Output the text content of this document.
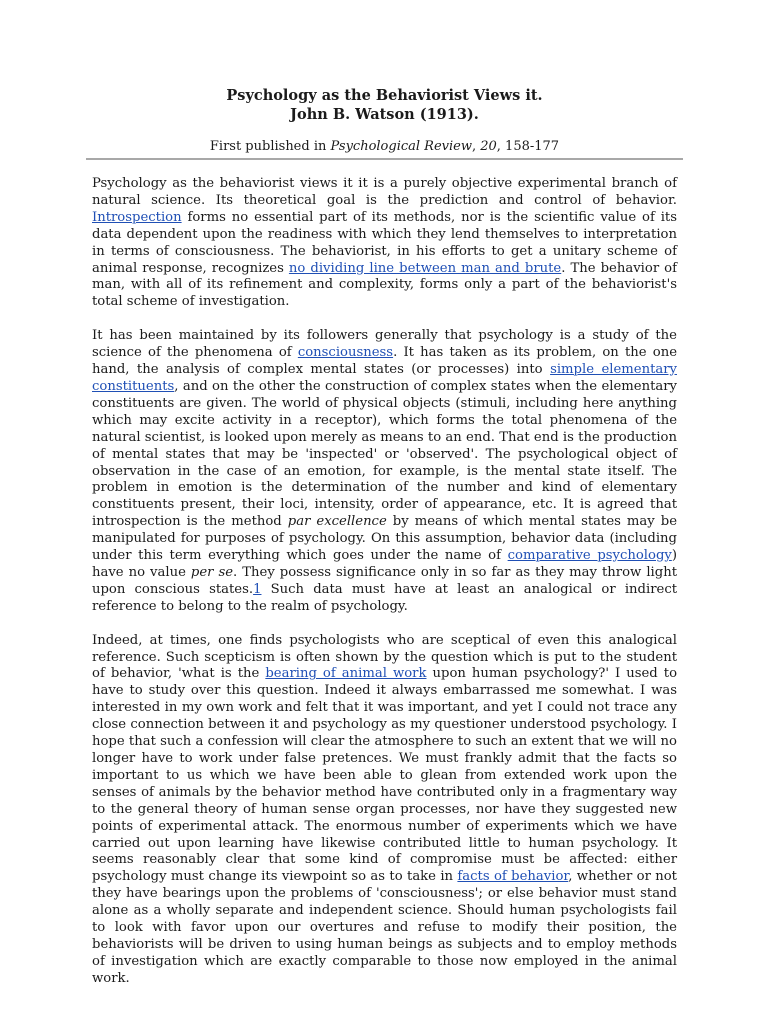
Psychology as the Behaviorist Views it.
John B. Watson (1913).

First published in Psychological Review, 20, 158-177

Psychology as the behaviorist views it it is a purely objective experimental branch of natural science. Its theoretical goal is the prediction and control of behavior. Introspection forms no essential part of its methods, nor is the scientific value of its data dependent upon the readiness with which they lend themselves to interpretation in terms of consciousness. The behaviorist, in his efforts to get a unitary scheme of animal response, recognizes no dividing line between man and brute. The behavior of man, with all of its refinement and complexity, forms only a part of the behaviorist's total scheme of investigation.

It has been maintained by its followers generally that psychology is a study of the science of the phenomena of consciousness. It has taken as its problem, on the one hand, the analysis of complex mental states (or processes) into simple elementary constituents, and on the other the construction of complex states when the elementary constituents are given. The world of physical objects (stimuli, including here anything which may excite activity in a receptor), which forms the total phenomena of the natural scientist, is looked upon merely as means to an end. That end is the production of mental states that may be 'inspected' or 'observed'. The psychological object of observation in the case of an emotion, for example, is the mental state itself. The problem in emotion is the determination of the number and kind of elementary constituents present, their loci, intensity, order of appearance, etc. It is agreed that introspection is the method par excellence by means of which mental states may be manipulated for purposes of psychology. On this assumption, behavior data (including under this term everything which goes under the name of comparative psychology) have no value per se. They possess significance only in so far as they may throw light upon conscious states.1 Such data must have at least an analogical or indirect reference to belong to the realm of psychology.

Indeed, at times, one finds psychologists who are sceptical of even this analogical reference. Such scepticism is often shown by the question which is put to the student of behavior, 'what is the bearing of animal work upon human psychology?' I used to have to study over this question. Indeed it always embarrassed me somewhat. I was interested in my own work and felt that it was important, and yet I could not trace any close connection between it and psychology as my questioner understood psychology. I hope that such a confession will clear the atmosphere to such an extent that we will no longer have to work under false pretences. We must frankly admit that the facts so important to us which we have been able to glean from extended work upon the senses of animals by the behavior method have contributed only in a fragmentary way to the general theory of human sense organ processes, nor have they suggested new points of experimental attack. The enormous number of experiments which we have carried out upon learning have likewise contributed little to human psychology. It seems reasonably clear that some kind of compromise must be affected: either psychology must change its viewpoint so as to take in facts of behavior, whether or not they have bearings upon the problems of 'consciousness'; or else behavior must stand alone as a wholly separate and independent science. Should human psychologists fail to look with favor upon our overtures and refuse to modify their position, the behaviorists will be driven to using human beings as subjects and to employ methods of investigation which are exactly comparable to those now employed in the animal work.
